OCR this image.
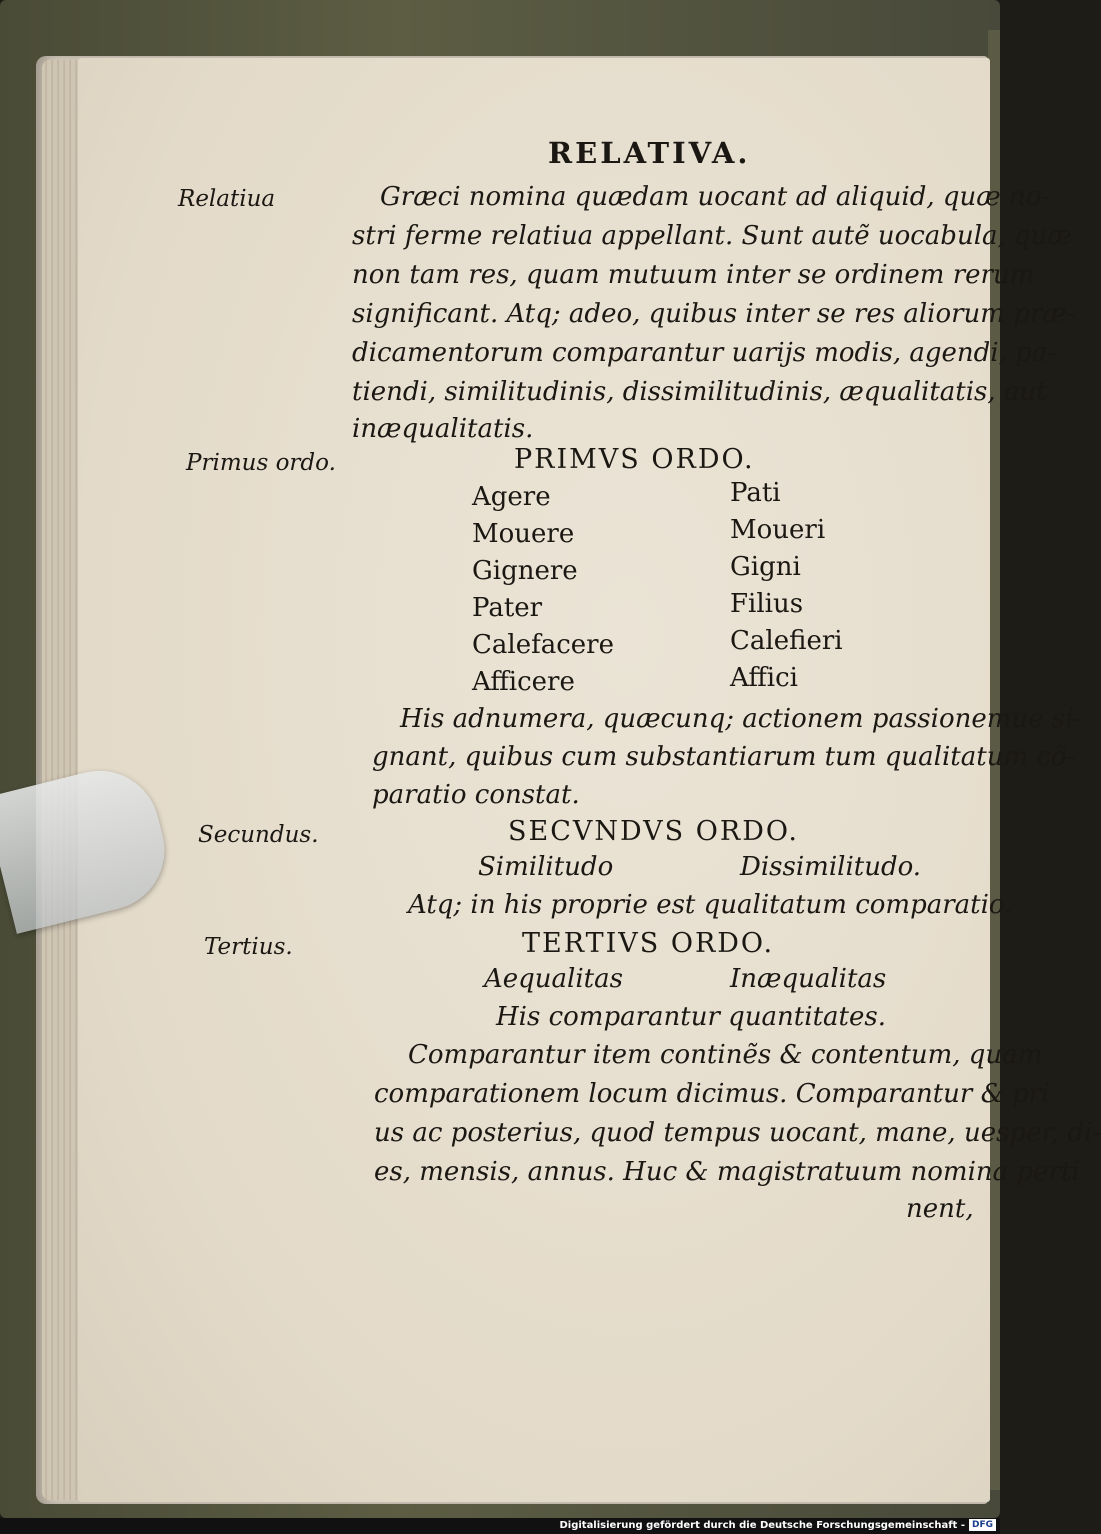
RELATIVA.
Relatiua
Primus ordo.
Secundus.
Tertius.
Græci nomina quædam uocant ad aliquid, quæ no-
stri ferme relatiua appellant. Sunt autẽ uocabula, quæ
non tam res, quam mutuum inter se ordinem rerum
significant. Atq; adeo, quibus inter se res aliorum præ-
dicamentorum comparantur uarijs modis, agendi, pa-
tiendi, similitudinis, dissimilitudinis, æqualitatis, aut
inæqualitatis.
PRIMVS ORDO.
Agere
Mouere
Gignere
Pater
Calefacere
Afficere
Pati
Moueri
Gigni
Filius
Calefieri
Affici
His adnumera, quæcunq; actionem passionemue si-
gnant, quibus cum substantiarum tum qualitatum cõ-
paratio constat.
SECVNDVS ORDO.
Similitudo	Dissimilitudo.
Atq; in his proprie est qualitatum comparatio.
TERTIVS ORDO.
Aequalitas	Inæqualitas
His comparantur quantitates.
Comparantur item continẽs & contentum, quam
comparationem locum dicimus. Comparantur & pri
us ac posterius, quod tempus uocant, mane, uesper, di-
es, mensis, annus. Huc & magistratuum nomina perti
nent,
Digitalisierung gefördert durch die Deutsche Forschungsgemeinschaft - DFG
